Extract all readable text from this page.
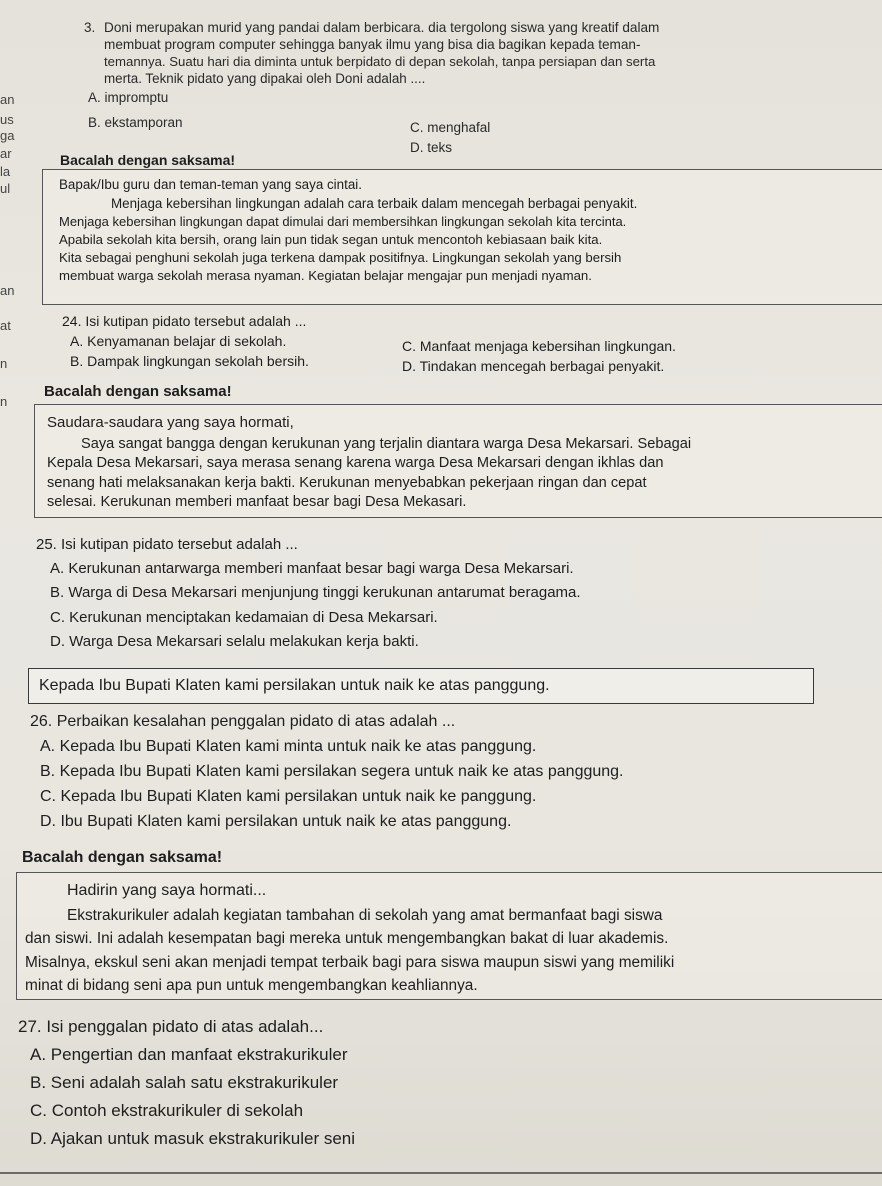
an
us
ga
ar
la
ul
an
at
n
n
3. Doni merupakan murid yang pandai dalam berbicara. dia tergolong siswa yang kreatif dalam
membuat program computer sehingga banyak ilmu yang bisa dia bagikan kepada teman-
temannya. Suatu hari dia diminta untuk berpidato di depan sekolah, tanpa persiapan dan serta
merta. Teknik pidato yang dipakai oleh Doni adalah ....
A. impromptu
B. ekstamporan	C. menghafal
D. teks
Bacalah dengan saksama!

Bapak/Ibu guru dan teman-teman yang saya cintai.

Menjaga kebersihan lingkungan adalah cara terbaik dalam mencegah berbagai penyakit.

Menjaga kebersihan lingkungan dapat dimulai dari membersihkan lingkungan sekolah kita tercinta.

Apabila sekolah kita bersih, orang lain pun tidak segan untuk mencontoh kebiasaan baik kita.

Kita sebagai penghuni sekolah juga terkena dampak positifnya. Lingkungan sekolah yang bersih

membuat warga sekolah merasa nyaman. Kegiatan belajar mengajar pun menjadi nyaman.

24. Isi kutipan pidato tersebut adalah ...
A. Kenyamanan belajar di sekolah.
B. Dampak lingkungan sekolah bersih.
C. Manfaat menjaga kebersihan lingkungan.
D. Tindakan mencegah berbagai penyakit.
Bacalah dengan saksama!

Saudara-saudara yang saya hormati,

Saya sangat bangga dengan kerukunan yang terjalin diantara warga Desa Mekarsari. Sebagai

Kepala Desa Mekarsari, saya merasa senang karena warga Desa Mekarsari dengan ikhlas dan

senang hati melaksanakan kerja bakti. Kerukunan menyebabkan pekerjaan ringan dan cepat

selesai. Kerukunan memberi manfaat besar bagi Desa Mekasari.

25. Isi kutipan pidato tersebut adalah ...
A. Kerukunan antarwarga memberi manfaat besar bagi warga Desa Mekarsari.
B. Warga di Desa Mekarsari menjunjung tinggi kerukunan antarumat beragama.
C. Kerukunan menciptakan kedamaian di Desa Mekarsari.
D. Warga Desa Mekarsari selalu melakukan kerja bakti.
Kepada Ibu Bupati Klaten kami persilakan untuk naik ke atas panggung.
26. Perbaikan kesalahan penggalan pidato di atas adalah ...
A. Kepada Ibu Bupati Klaten kami minta untuk naik ke atas panggung.
B. Kepada Ibu Bupati Klaten kami persilakan segera untuk naik ke atas panggung.
C. Kepada Ibu Bupati Klaten kami persilakan untuk naik ke panggung.
D. Ibu Bupati Klaten kami persilakan untuk naik ke atas panggung.
Bacalah dengan saksama!

Hadirin yang saya hormati...

Ekstrakurikuler adalah kegiatan tambahan di sekolah yang amat bermanfaat bagi siswa

dan siswi. Ini adalah kesempatan bagi mereka untuk mengembangkan bakat di luar akademis.

Misalnya, ekskul seni akan menjadi tempat terbaik bagi para siswa maupun siswi yang memiliki

minat di bidang seni apa pun untuk mengembangkan keahliannya.

27. Isi penggalan pidato di atas adalah...
A. Pengertian dan manfaat ekstrakurikuler
B. Seni adalah salah satu ekstrakurikuler
C. Contoh ekstrakurikuler di sekolah
D. Ajakan untuk masuk ekstrakurikuler seni
